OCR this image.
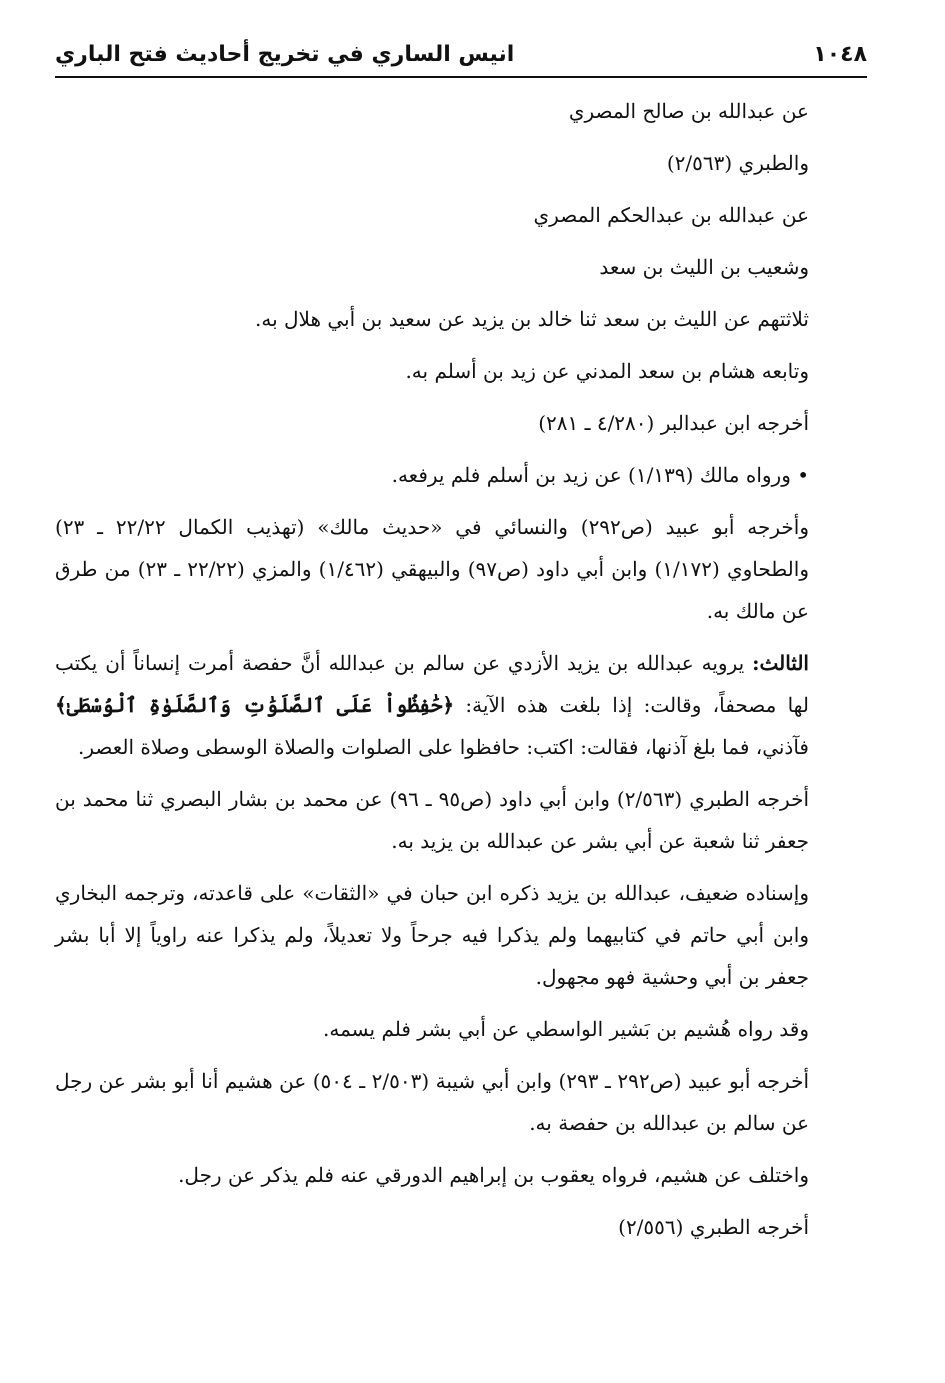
١٠٤٨
انيس الساري في تخريج أحاديث فتح الباري

عن عبدالله بن صالح المصري

والطبري (٢/٥٦٣)

عن عبدالله بن عبدالحكم المصري

وشعيب بن الليث بن سعد

ثلاثتهم عن الليث بن سعد ثنا خالد بن يزيد عن سعيد بن أبي هلال به.

وتابعه هشام بن سعد المدني عن زيد بن أسلم به.

أخرجه ابن عبدالبر (٤/٢٨٠ ـ ٢٨١)

• ورواه مالك (١/١٣٩) عن زيد بن أسلم فلم يرفعه.

وأخرجه أبو عبيد (ص٢٩٢) والنسائي في «حديث مالك» (تهذيب الكمال ٢٢/٢٢ ـ ٢٣) والطحاوي (١/١٧٢) وابن أبي داود (ص٩٧) والبيهقي (١/٤٦٢) والمزي (٢٢/٢٢ ـ ٢٣) من طرق عن مالك به.

الثالث: يرويه عبدالله بن يزيد الأزدي عن سالم بن عبدالله أنَّ حفصة أمرت إنساناً أن يكتب لها مصحفاً، وقالت: إذا بلغت هذه الآية: ﴿حَٰفِظُواْ عَلَى ٱلصَّلَوَٰتِ وَٱلصَّلَوٰةِ ٱلْوُسْطَىٰ﴾ فآذني، فما بلغ آذنها، فقالت: اكتب: حافظوا على الصلوات والصلاة الوسطى وصلاة العصر.

أخرجه الطبري (٢/٥٦٣) وابن أبي داود (ص٩٥ ـ ٩٦) عن محمد بن بشار البصري ثنا محمد بن جعفر ثنا شعبة عن أبي بشر عن عبدالله بن يزيد به.

وإسناده ضعيف، عبدالله بن يزيد ذكره ابن حبان في «الثقات» على قاعدته، وترجمه البخاري وابن أبي حاتم في كتابيهما ولم يذكرا فيه جرحاً ولا تعديلاً، ولم يذكرا عنه راوياً إلا أبا بشر جعفر بن أبي وحشية فهو مجهول.

وقد رواه هُشيم بن بَشير الواسطي عن أبي بشر فلم يسمه.

أخرجه أبو عبيد (ص٢٩٢ ـ ٢٩٣) وابن أبي شيبة (٢/٥٠٣ ـ ٥٠٤) عن هشيم أنا أبو بشر عن رجل عن سالم بن عبدالله بن حفصة به.

واختلف عن هشيم، فرواه يعقوب بن إبراهيم الدورقي عنه فلم يذكر عن رجل.

أخرجه الطبري (٢/٥٥٦)
